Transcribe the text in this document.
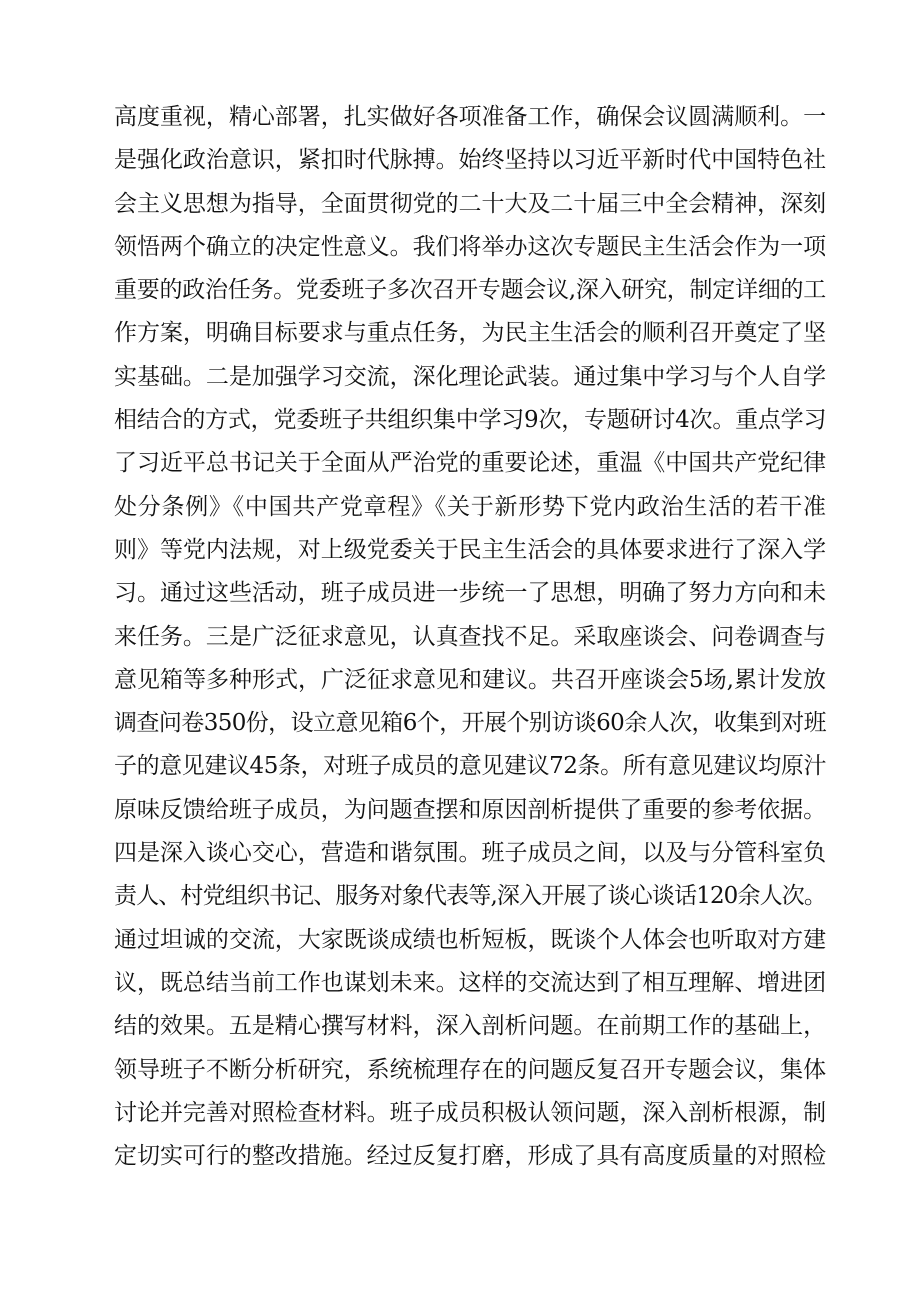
高度重视，精心部署，扎实做好各项准备工作，确保会议圆满顺利。一
是强化政治意识，紧扣时代脉搏。始终坚持以习近平新时代中国特色社
会主义思想为指导，全面贯彻党的二十大及二十届三中全会精神，深刻
领悟两个确立的决定性意义。我们将举办这次专题民主生活会作为一项
重要的政治任务。党委班子多次召开专题会议,深入研究，制定详细的工
作方案，明确目标要求与重点任务，为民主生活会的顺利召开奠定了坚
实基础。二是加强学习交流，深化理论武装。通过集中学习与个人自学
相结合的方式，党委班子共组织集中学习9次，专题研讨4次。重点学习
了习近平总书记关于全面从严治党的重要论述，重温《中国共产党纪律
处分条例》《中国共产党章程》《关于新形势下党内政治生活的若干准
则》等党内法规，对上级党委关于民主生活会的具体要求进行了深入学
习。通过这些活动，班子成员进一步统一了思想，明确了努力方向和未
来任务。三是广泛征求意见，认真查找不足。采取座谈会、问卷调查与
意见箱等多种形式，广泛征求意见和建议。共召开座谈会5场,累计发放
调查问卷350份，设立意见箱6个，开展个别访谈60余人次，收集到对班
子的意见建议45条，对班子成员的意见建议72条。所有意见建议均原汁
原味反馈给班子成员，为问题查摆和原因剖析提供了重要的参考依据。
四是深入谈心交心，营造和谐氛围。班子成员之间，以及与分管科室负
责人、村党组织书记、服务对象代表等,深入开展了谈心谈话120余人次。
通过坦诚的交流，大家既谈成绩也析短板，既谈个人体会也听取对方建
议，既总结当前工作也谋划未来。这样的交流达到了相互理解、增进团
结的效果。五是精心撰写材料，深入剖析问题。在前期工作的基础上，
领导班子不断分析研究，系统梳理存在的问题反复召开专题会议，集体
讨论并完善对照检查材料。班子成员积极认领问题，深入剖析根源，制
定切实可行的整改措施。经过反复打磨，形成了具有高度质量的对照检
